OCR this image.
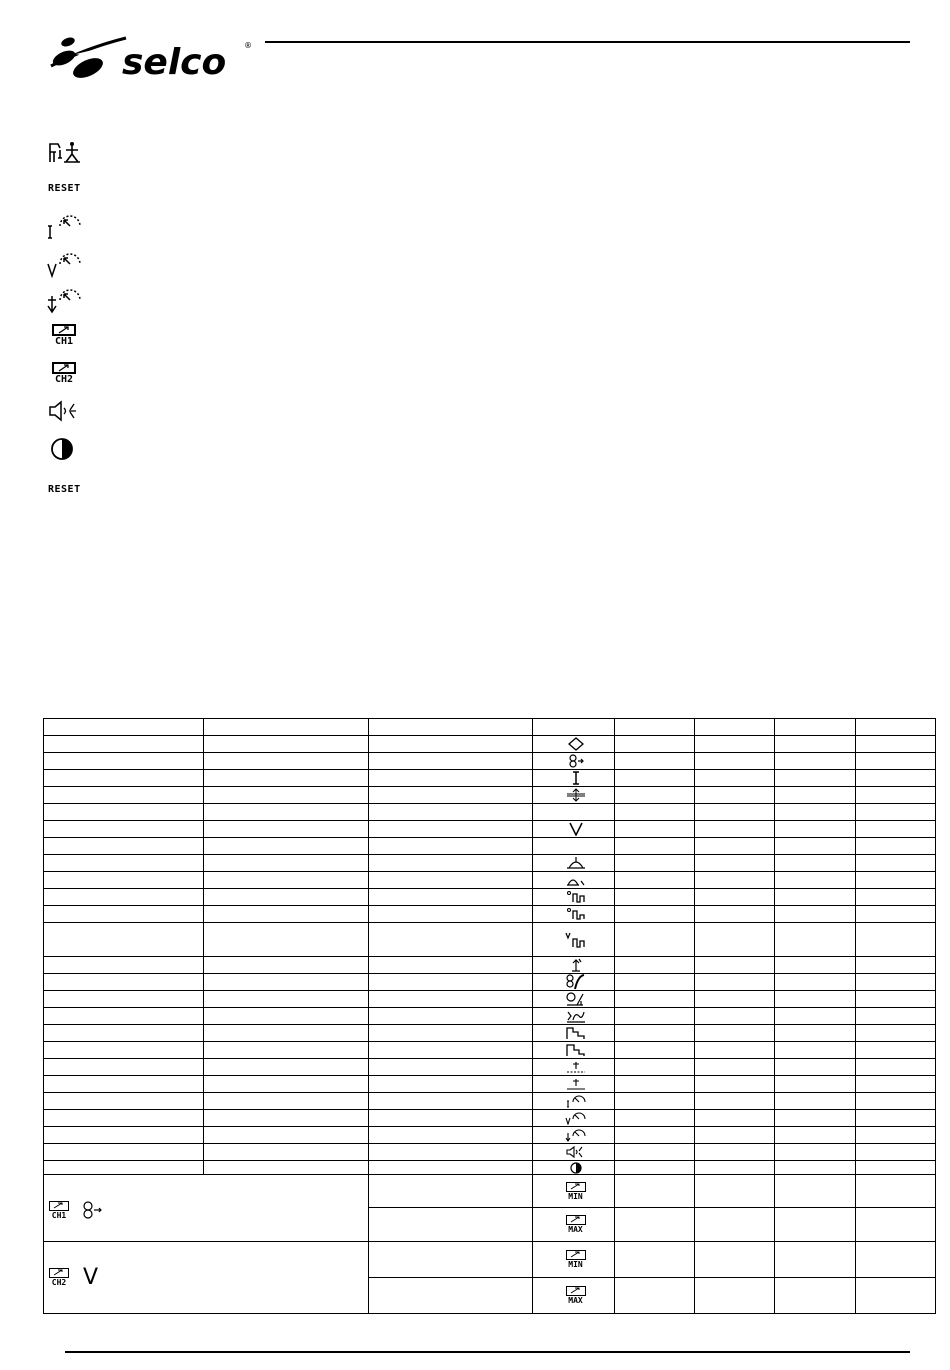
selco ®
RESET
CH1
CH2
RESET
CH1
CH2 V
MIN
MAX
MIN
MAX
